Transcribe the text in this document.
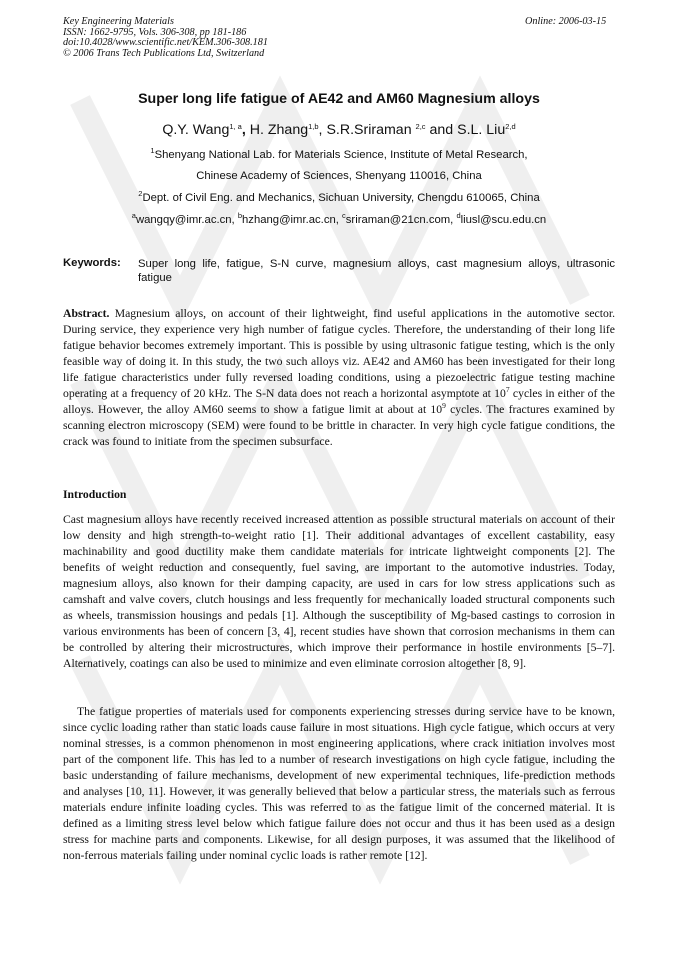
Key Engineering Materials
ISSN: 1662-9795, Vols. 306-308, pp 181-186
doi:10.4028/www.scientific.net/KEM.306-308.181
© 2006 Trans Tech Publications Ltd, Switzerland
Online: 2006-03-15
Super long life fatigue of AE42 and AM60 Magnesium alloys
Q.Y. Wang$^{1, a}$, H. Zhang$^{1,b}$, S.R.Sriraman $^{2,c}$ and S.L. Liu$^{2,d}$
$^1$Shenyang National Lab. for Materials Science, Institute of Metal Research,
Chinese Academy of Sciences, Shenyang 110016, China
$^2$Dept. of Civil Eng. and Mechanics, Sichuan University, Chengdu 610065, China
$^a$wangqy@imr.ac.cn, $^b$hzhang@imr.ac.cn, $^c$sriraman@21cn.com, $^d$liusl@scu.edu.cn
Keywords: Super long life, fatigue, S-N curve, magnesium alloys, cast magnesium alloys, ultrasonic fatigue
Abstract. Magnesium alloys, on account of their lightweight, find useful applications in the automotive sector. During service, they experience very high number of fatigue cycles. Therefore, the understanding of their long life fatigue behavior becomes extremely important. This is possible by using ultrasonic fatigue testing, which is the only feasible way of doing it. In this study, the two such alloys viz. AE42 and AM60 has been investigated for their long life fatigue characteristics under fully reversed loading conditions, using a piezoelectric fatigue testing machine operating at a frequency of 20 kHz. The S-N data does not reach a horizontal asymptote at $10^7$ cycles in either of the alloys. However, the alloy AM60 seems to show a fatigue limit at about at $10^9$ cycles. The fractures examined by scanning electron microscopy (SEM) were found to be brittle in character. In very high cycle fatigue conditions, the crack was found to initiate from the specimen subsurface.
Introduction

Cast magnesium alloys have recently received increased attention as possible structural materials on account of their low density and high strength-to-weight ratio [1]. Their additional advantages of excellent castability, easy machinability and good ductility make them candidate materials for intricate lightweight components [2]. The benefits of weight reduction and consequently, fuel saving, are important to the automotive industries. Today, magnesium alloys, also known for their damping capacity, are used in cars for low stress applications such as camshaft and valve covers, clutch housings and less frequently for mechanically loaded structural components such as wheels, transmission housings and pedals [1]. Although the susceptibility of Mg-based castings to corrosion in various environments has been of concern [3, 4], recent studies have shown that corrosion mechanisms in them can be controlled by altering their microstructures, which improve their performance in hostile environments [5–7]. Alternatively, coatings can also be used to minimize and even eliminate corrosion altogether [8, 9].

The fatigue properties of materials used for components experiencing stresses during service have to be known, since cyclic loading rather than static loads cause failure in most situations. High cycle fatigue, which occurs at very nominal stresses, is a common phenomenon in most engineering applications, where crack initiation involves most part of the component life. This has led to a number of research investigations on high cycle fatigue, including the basic understanding of failure mechanisms, development of new experimental techniques, life-prediction methods and analyses [10, 11]. However, it was generally believed that below a particular stress, the materials such as ferrous materials endure infinite loading cycles. This was referred to as the fatigue limit of the concerned material. It is defined as a limiting stress level below which fatigue failure does not occur and thus it has been used as a design stress for machine parts and components. Likewise, for all design purposes, it was assumed that the likelihood of non-ferrous materials failing under nominal cyclic loads is rather remote [12].
